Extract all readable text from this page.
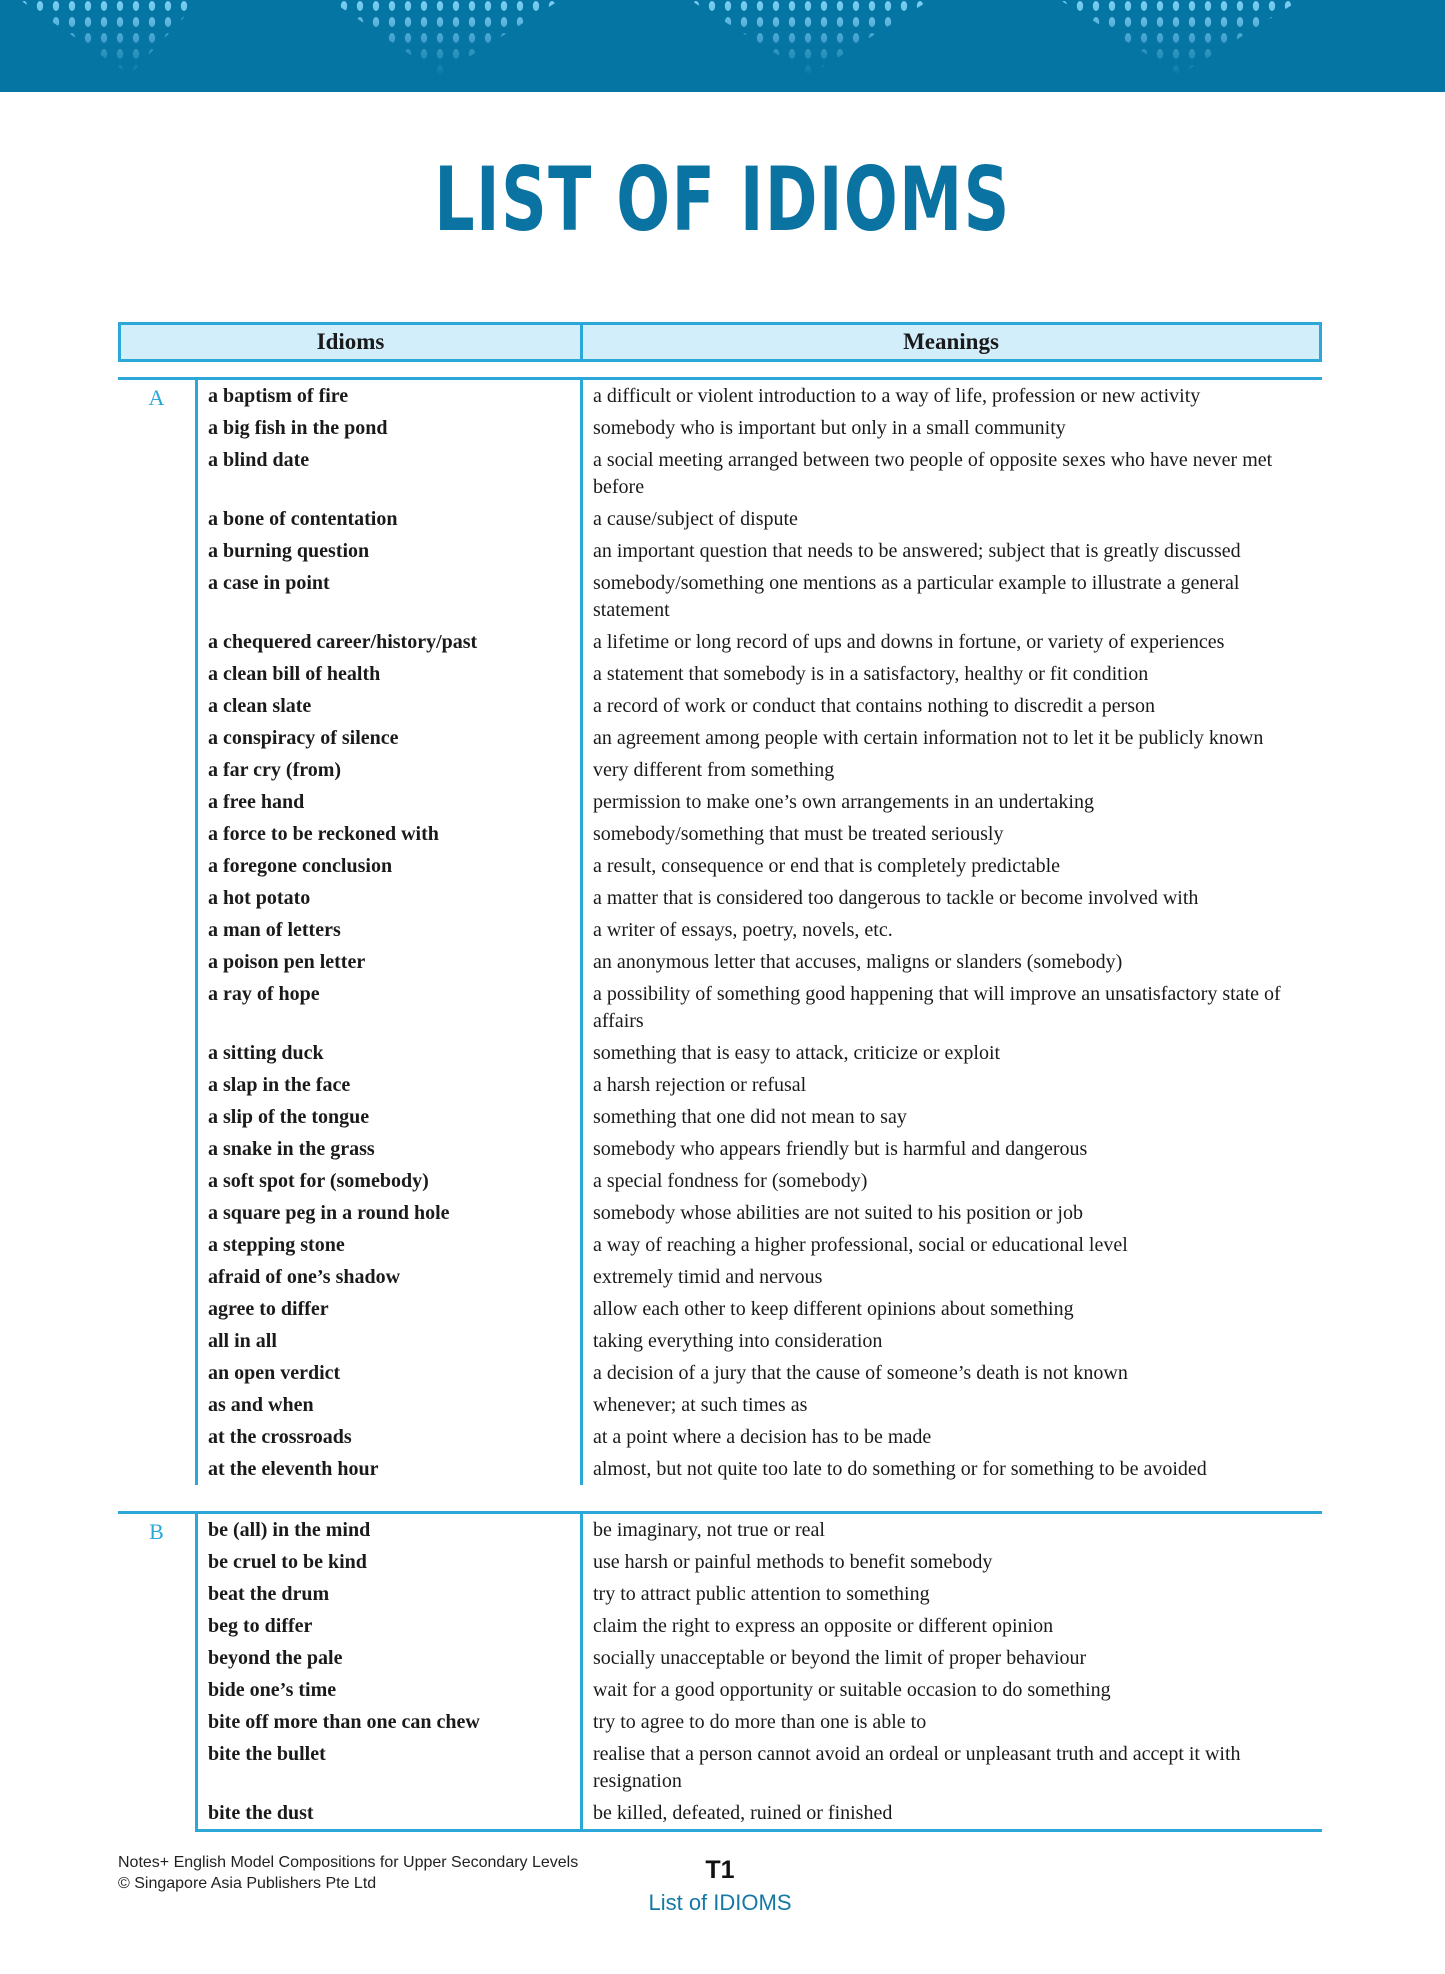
LIST OF IDIOMS
Idioms	Meanings
A	a baptism of fire	a difficult or violent introduction to a way of life, profession or new activity
a big fish in the pond	somebody who is important but only in a small community
a blind date	a social meeting arranged between two people of opposite sexes who have never met before
a bone of contentation	a cause/subject of dispute
a burning question	an important question that needs to be answered; subject that is greatly discussed
a case in point	somebody/something one mentions as a particular example to illustrate a general statement
a chequered career/history/past	a lifetime or long record of ups and downs in fortune, or variety of experiences
a clean bill of health	a statement that somebody is in a satisfactory, healthy or fit condition
a clean slate	a record of work or conduct that contains nothing to discredit a person
a conspiracy of silence	an agreement among people with certain information not to let it be publicly known
a far cry (from)	very different from something
a free hand	permission to make one’s own arrangements in an undertaking
a force to be reckoned with	somebody/something that must be treated seriously
a foregone conclusion	a result, consequence or end that is completely predictable
a hot potato	a matter that is considered too dangerous to tackle or become involved with
a man of letters	a writer of essays, poetry, novels, etc.
a poison pen letter	an anonymous letter that accuses, maligns or slanders (somebody)
a ray of hope	a possibility of something good happening that will improve an unsatisfactory state of affairs
a sitting duck	something that is easy to attack, criticize or exploit
a slap in the face	a harsh rejection or refusal
a slip of the tongue	something that one did not mean to say
a snake in the grass	somebody who appears friendly but is harmful and dangerous
a soft spot for (somebody)	a special fondness for (somebody)
a square peg in a round hole	somebody whose abilities are not suited to his position or job
a stepping stone	a way of reaching a higher professional, social or educational level
afraid of one’s shadow	extremely timid and nervous
agree to differ	allow each other to keep different opinions about something
all in all	taking everything into consideration
an open verdict	a decision of a jury that the cause of someone’s death is not known
as and when	whenever; at such times as
at the crossroads	at a point where a decision has to be made
at the eleventh hour	almost, but not quite too late to do something or for something to be avoided
B	be (all) in the mind	be imaginary, not true or real
be cruel to be kind	use harsh or painful methods to benefit somebody
beat the drum	try to attract public attention to something
beg to differ	claim the right to express an opposite or different opinion
beyond the pale	socially unacceptable or beyond the limit of proper behaviour
bide one’s time	wait for a good opportunity or suitable occasion to do something
bite off more than one can chew	try to agree to do more than one is able to
bite the bullet	realise that a person cannot avoid an ordeal or unpleasant truth and accept it with resignation
bite the dust	be killed, defeated, ruined or finished
Notes+ English Model Compositions for Upper Secondary Levels
© Singapore Asia Publishers Pte Ltd	T1
List of IDIOMS
